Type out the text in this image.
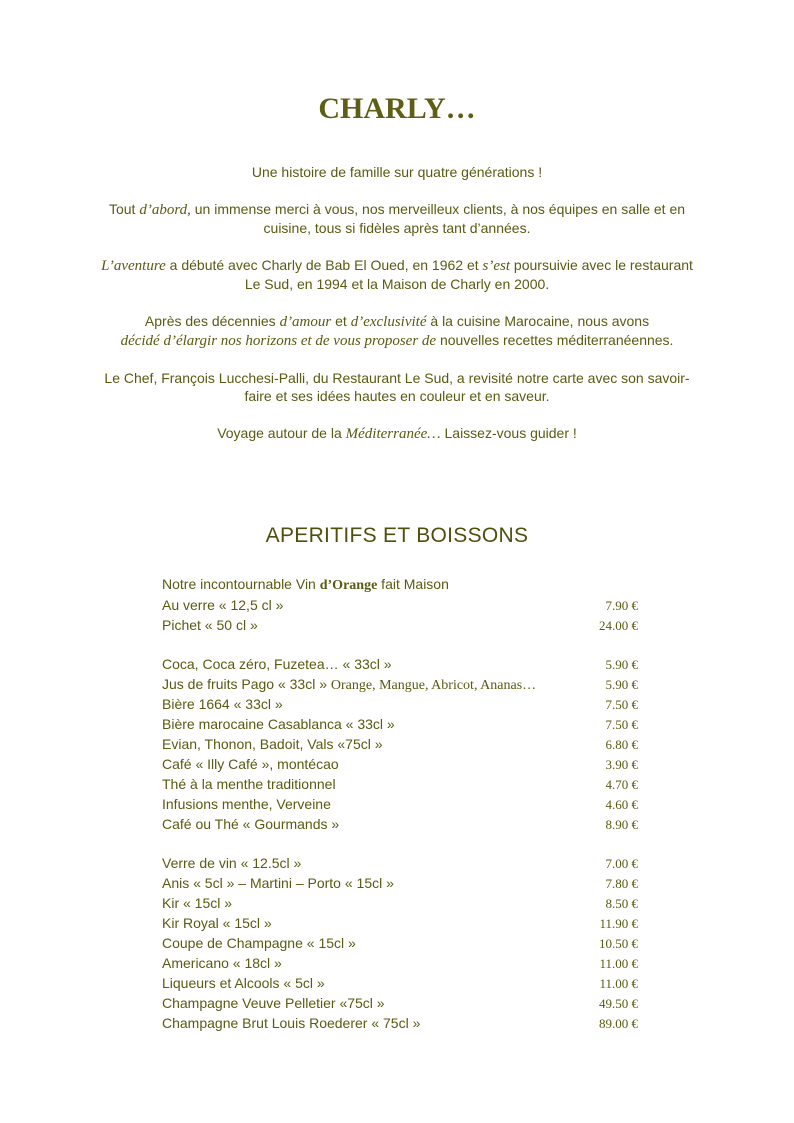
CHARLY…

Une histoire de famille sur quatre générations !

Tout d’abord, un immense merci à vous, nos merveilleux clients, à nos équipes en salle et en cuisine, tous si fidèles après tant d’années.

L’aventure a débuté avec Charly de Bab El Oued, en 1962 et s’est poursuivie avec le restaurant Le Sud, en 1994 et la Maison de Charly en 2000.

Après des décennies d’amour et d’exclusivité à la cuisine Marocaine, nous avons
décidé d’élargir nos horizons et de vous proposer de nouvelles recettes méditerranéennes.

Le Chef, François Lucchesi-Palli, du Restaurant Le Sud, a revisité notre carte avec son savoir-faire et ses idées hautes en couleur et en saveur.

Voyage autour de la Méditerranée… Laissez-vous guider !

APERITIFS ET BOISSONS
Notre incontournable Vin d’Orange fait Maison
Au verre « 12,5 cl »	7.90 €
Pichet « 50 cl »	24.00 €
Coca, Coca zéro, Fuzetea… « 33cl »	5.90 €
Jus de fruits Pago « 33cl » Orange, Mangue, Abricot, Ananas…	5.90 €
Bière 1664 « 33cl »	7.50 €
Bière marocaine Casablanca « 33cl »	7.50 €
Evian, Thonon, Badoit, Vals «75cl »	6.80 €
Café « Illy Café », montécao	3.90 €
Thé à la menthe traditionnel	4.70 €
Infusions menthe, Verveine	4.60 €
Café ou Thé « Gourmands »	8.90 €
Verre de vin « 12.5cl »	7.00 €
Anis « 5cl » – Martini – Porto « 15cl »	7.80 €
Kir « 15cl »	8.50 €
Kir Royal « 15cl »	11.90 €
Coupe de Champagne « 15cl »	10.50 €
Americano « 18cl »	11.00 €
Liqueurs et Alcools « 5cl »	11.00 €
Champagne Veuve Pelletier «75cl »	49.50 €
Champagne Brut Louis Roederer « 75cl »	89.00 €
